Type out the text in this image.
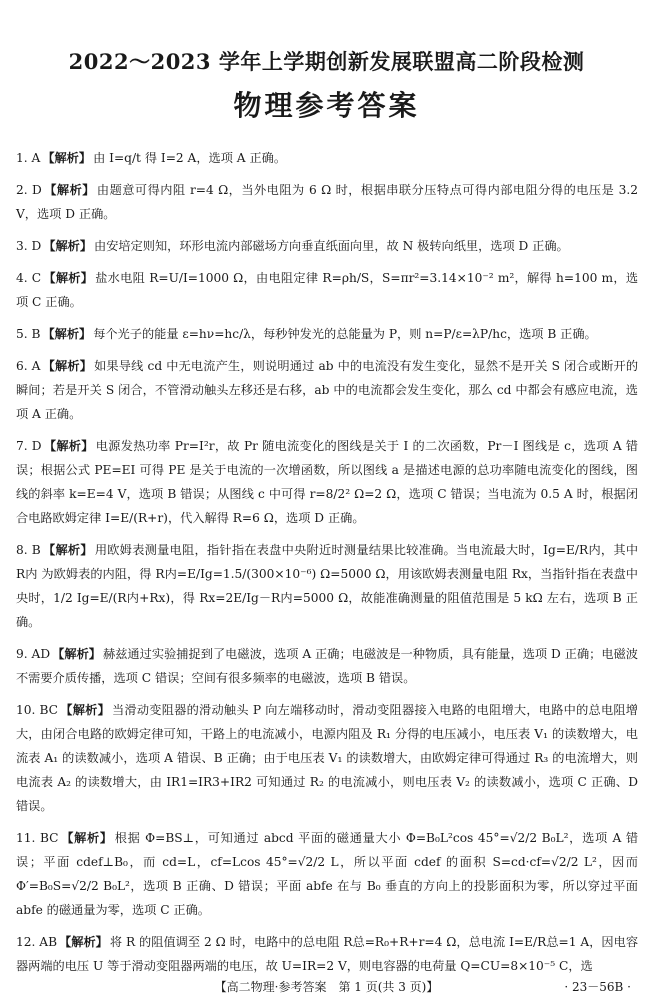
2022～2023 学年上学期创新发展联盟高二阶段检测
物理参考答案
1. A 【解析】 由 I=q/t 得 I=2 A，选项 A 正确。
2. D 【解析】 由题意可得内阻 r=4 Ω，当外电阻为 6 Ω 时，根据串联分压特点可得内部电阻分得的电压是 3.2 V，选项 D 正确。
3. D 【解析】 由安培定则知，环形电流内部磁场方向垂直纸面向里，故 N 极转向纸里，选项 D 正确。
4. C 【解析】 盐水电阻 R=U/I=1000 Ω，由电阻定律 R=ρh/S，S=πr²=3.14×10⁻² m²，解得 h=100 m，选项 C 正确。
5. B 【解析】 每个光子的能量 ε=hν=hc/λ，每秒钟发光的总能量为 P，则 n=P/ε=λP/hc，选项 B 正确。
6. A 【解析】 如果导线 cd 中无电流产生，则说明通过 ab 中的电流没有发生变化，显然不是开关 S 闭合或断开的瞬间；若是开关 S 闭合，不管滑动触头左移还是右移，ab 中的电流都会发生变化，那么 cd 中都会有感应电流，选项 A 正确。
7. D 【解析】 电源发热功率 Pr=I²r，故 Pr 随电流变化的图线是关于 I 的二次函数，Pr－I 图线是 c，选项 A 错误；根据公式 PE=EI 可得 PE 是关于电流的一次增函数，所以图线 a 是描述电源的总功率随电流变化的图线，图线的斜率 k=E=4 V，选项 B 错误；从图线 c 中可得 r=8/2² Ω=2 Ω，选项 C 错误；当电流为 0.5 A 时，根据闭合电路欧姆定律 I=E/(R+r)，代入解得 R=6 Ω，选项 D 正确。
8. B 【解析】 用欧姆表测量电阻，指针指在表盘中央附近时测量结果比较准确。当电流最大时，Ig=E/R内，其中 R内 为欧姆表的内阻，得 R内=E/Ig=1.5/(300×10⁻⁶) Ω=5000 Ω，用该欧姆表测量电阻 Rx，当指针指在表盘中央时，1/2 Ig=E/(R内+Rx)，得 Rx=2E/Ig－R内=5000 Ω，故能准确测量的阻值范围是 5 kΩ 左右，选项 B 正确。
9. AD 【解析】 赫兹通过实验捕捉到了电磁波，选项 A 正确；电磁波是一种物质，具有能量，选项 D 正确；电磁波不需要介质传播，选项 C 错误；空间有很多频率的电磁波，选项 B 错误。
10. BC 【解析】 当滑动变阻器的滑动触头 P 向左端移动时，滑动变阻器接入电路的电阻增大，电路中的总电阻增大，由闭合电路的欧姆定律可知，干路上的电流减小，电源内阻及 R₁ 分得的电压减小，电压表 V₁ 的读数增大，电流表 A₁ 的读数减小，选项 A 错误、B 正确；由于电压表 V₁ 的读数增大，由欧姆定律可得通过 R₃ 的电流增大，则电流表 A₂ 的读数增大，由 IR1=IR3+IR2 可知通过 R₂ 的电流减小，则电压表 V₂ 的读数减小，选项 C 正确、D 错误。
11. BC 【解析】 根据 Φ=BS⊥，可知通过 abcd 平面的磁通量大小 Φ=B₀L²cos 45°=√2/2 B₀L²，选项 A 错误；平面 cdef⊥B₀，而 cd=L，cf=Lcos 45°=√2/2 L，所以平面 cdef 的面积 S=cd·cf=√2/2 L²，因而 Φ′=B₀S=√2/2 B₀L²，选项 B 正确、D 错误；平面 abfe 在与 B₀ 垂直的方向上的投影面积为零，所以穿过平面 abfe 的磁通量为零，选项 C 正确。
12. AB 【解析】 将 R 的阻值调至 2 Ω 时，电路中的总电阻 R总=R₀+R+r=4 Ω，总电流 I=E/R总=1 A，因电容器两端的电压 U 等于滑动变阻器两端的电压，故 U=IR=2 V，则电容器的电荷量 Q=CU=8×10⁻⁵ C，选
【高二物理·参考答案　第 1 页(共 3 页)】	· 23－56B ·
